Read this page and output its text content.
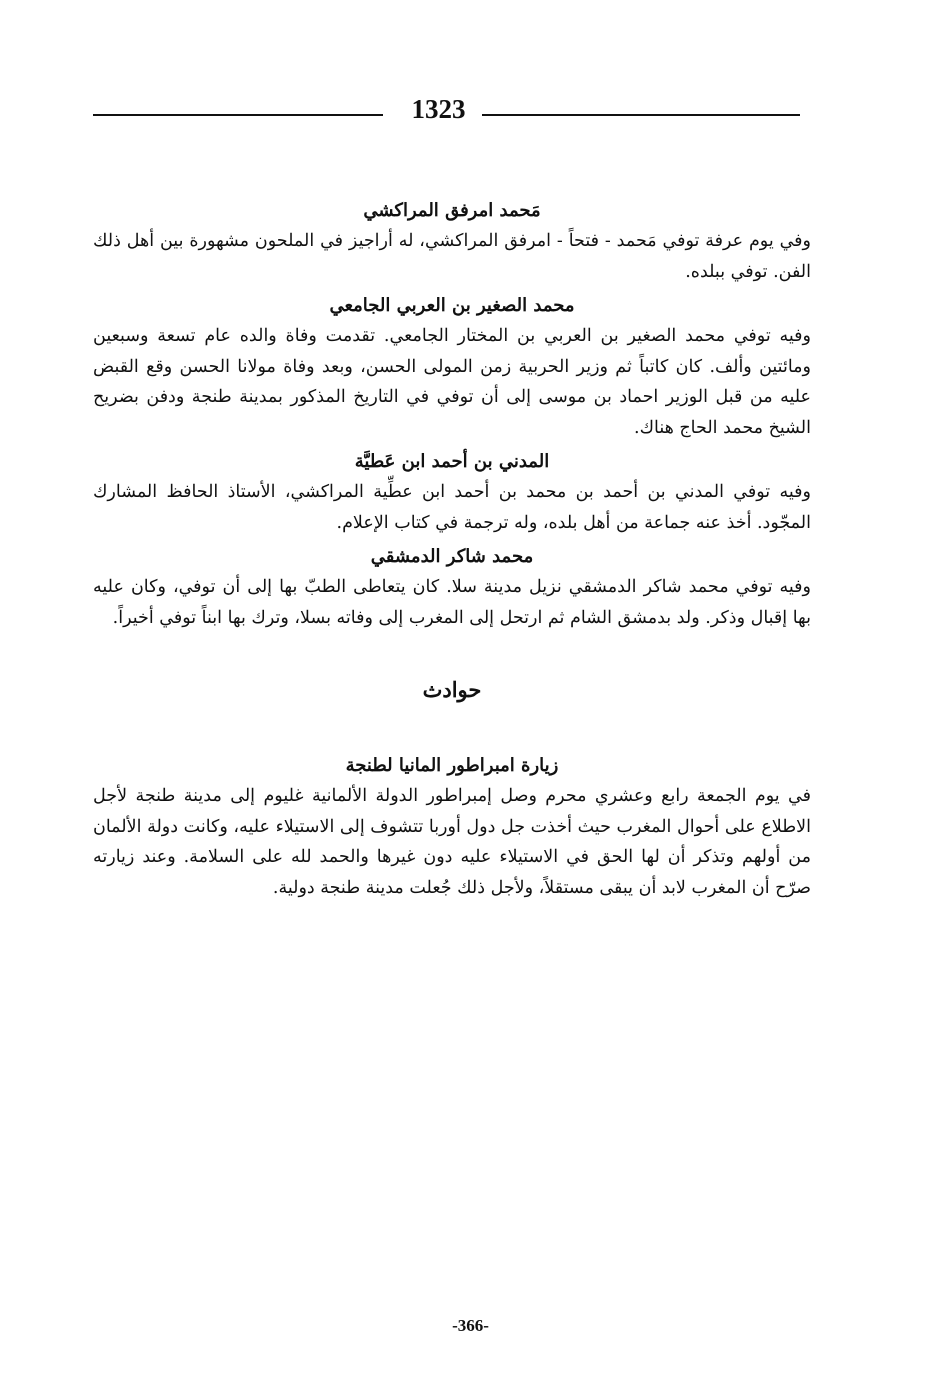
1323
مَحمد امرفق المراكشي

وفي يوم عرفة توفي مَحمد - فتحاً - امرفق المراكشي، له أراجيز في الملحون مشهورة بين أهل ذلك الفن. توفي ببلده.

محمد الصغير بن العربي الجامعي

وفيه توفي محمد الصغير بن العربي بن المختار الجامعي. تقدمت وفاة والده عام تسعة وسبعين ومائتين وألف. كان كاتباً ثم وزير الحربية زمن المولى الحسن، وبعد وفاة مولانا الحسن وقع القبض عليه من قبل الوزير احماد بن موسى إلى أن توفي في التاريخ المذكور بمدينة طنجة ودفن بضريح الشيخ محمد الحاج هناك.

المدني بن أحمد ابن عَطيَّة

وفيه توفي المدني بن أحمد بن محمد بن أحمد ابن عطِّية المراكشي، الأستاذ الحافظ المشارك المجّود. أخذ عنه جماعة من أهل بلده، وله ترجمة في كتاب الإعلام.

محمد شاكر الدمشقي

وفيه توفي محمد شاكر الدمشقي نزيل مدينة سلا. كان يتعاطى الطبّ بها إلى أن توفي، وكان عليه بها إقبال وذكر. ولد بدمشق الشام ثم ارتحل إلى المغرب إلى وفاته بسلا، وترك بها ابناً توفي أخيراً.

حوادث
زيارة امبراطور المانيا لطنجة

في يوم الجمعة رابع وعشري محرم وصل إمبراطور الدولة الألمانية غليوم إلى مدينة طنجة لأجل الاطلاع على أحوال المغرب حيث أخذت جل دول أوربا تتشوف إلى الاستيلاء عليه، وكانت دولة الألمان من أولهم وتذكر أن لها الحق في الاستيلاء عليه دون غيرها والحمد لله على السلامة. وعند زيارته صرّح أن المغرب لابد أن يبقى مستقلاً، ولأجل ذلك جُعلت مدينة طنجة دولية.

-366-
